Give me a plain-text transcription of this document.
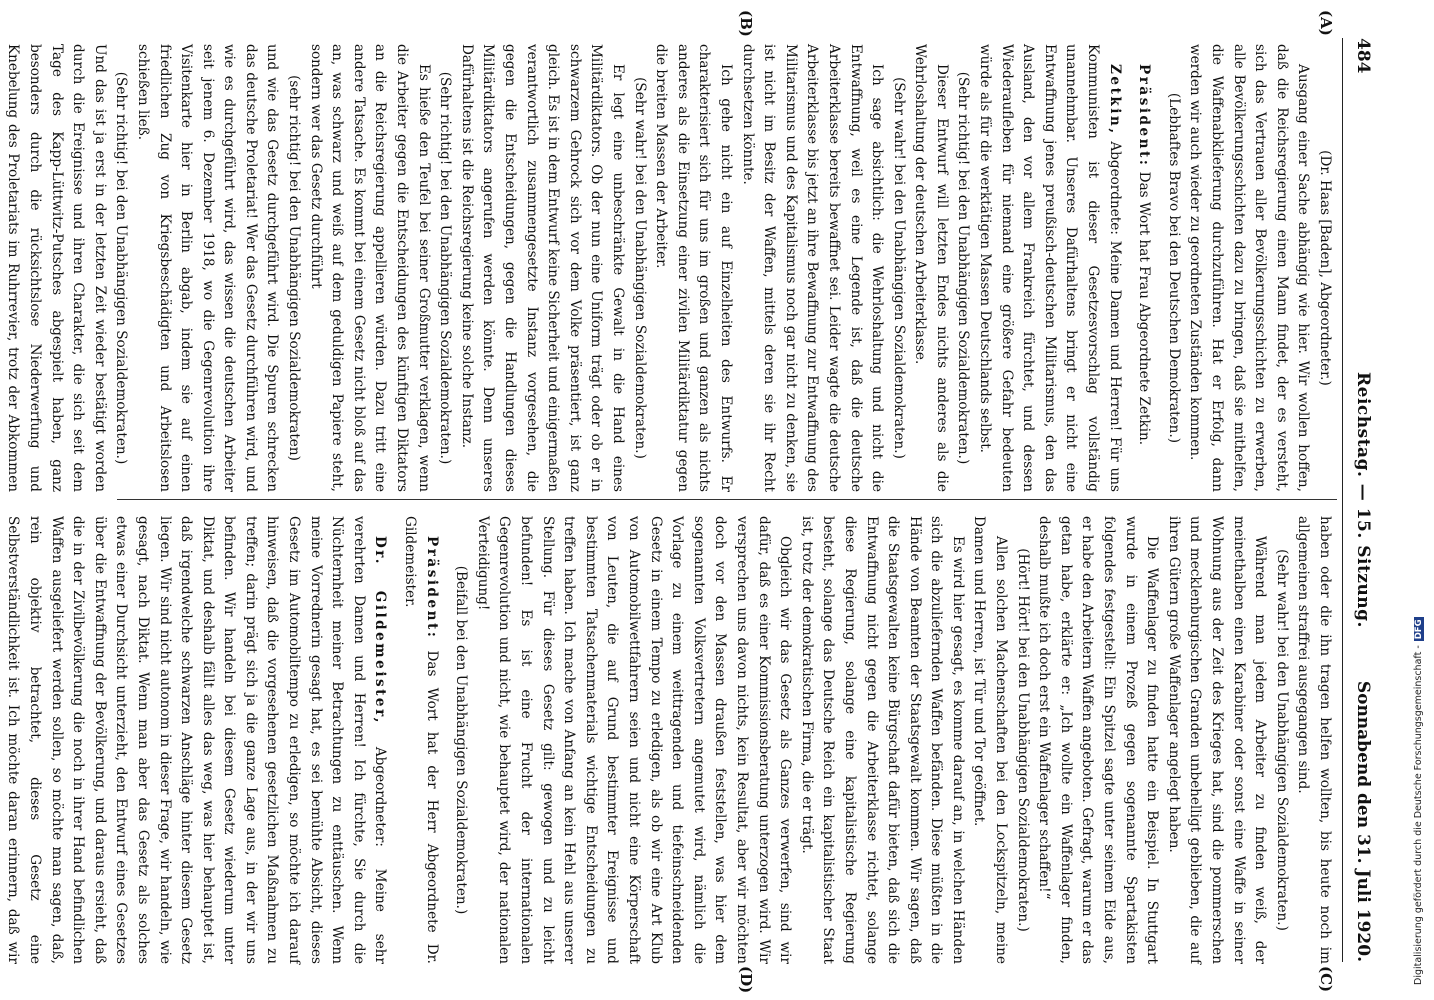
484
Reichstag. — 15. Sitzung.
Sonnabend den 31. Juli 1920.
(A)
(B)
(C)
(D)

(Dr. Haas [Baden], Abgeordneter.)

Ausgang einer Sache abhängig wie hier. Wir wollen hoffen, daß die Reichsregierung einen Mann findet, der es versteht, sich das Vertrauen aller Bevölkerungsschichten zu erwerben, alle Bevölkerungsschichten dazu zu bringen, daß sie mithelfen, die Waffenabklieferung durchzuführen. Hat er Erfolg, dann werden wir auch wieder zu geordneten Zuständen kommen.

(Lebhaftes Bravo bei den Deutschen Demokraten.)

Präsident: Das Wort hat Frau Abgeordnete Zetkin.

Zetkin, Abgeordnete: Meine Damen und Herren! Für uns Kommunisten ist dieser Gesetzesvorschlag vollständig unannehmbar. Unseres Dafürhaltens bringt er nicht eine Entwaffnung jenes preußisch-deutschen Militarismus, den das Ausland, den vor allem Frankreich fürchtet, und dessen Wiederaufleben für niemand eine größere Gefahr bedeuten würde als für die werktätigen Massen Deutschlands selbst.

(Sehr richtig! bei den Unabhängigen Sozialdemokraten.)

Dieser Entwurf will letzten Endes nichts anderes als die Wehrloshaltung der deutschen Arbeiterklasse.

(Sehr wahr! bei den Unabhängigen Sozialdemokraten.)

Ich sage absichtlich: die Wehrloshaltung und nicht die Entwaffnung, weil es eine Legende ist, daß die deutsche Arbeiterklasse bereits bewaffnet sei. Leider wagte die deutsche Arbeiterklasse bis jetzt an ihre Bewaffnung zur Entwaffnung des Militarismus und des Kapitalismus noch gar nicht zu denken, sie ist nicht im Besitz der Waffen, mittels deren sie ihr Recht durchsetzen könnte.

Ich gehe nicht ein auf Einzelheiten des Entwurfs. Er charakterisiert sich für uns im großen und ganzen als nichts anderes als die Einsetzung einer zivilen Militärdiktatur gegen die breiten Massen der Arbeiter.

(Sehr wahr! bei den Unabhängigen Sozialdemokraten.)

Er legt eine unbeschränkte Gewalt in die Hand eines Militärdiktators. Ob der nun eine Uniform trägt oder ob er in schwarzem Gehrock sich vor dem Volke präsentiert, ist ganz gleich. Es ist in dem Entwurf keine Sicherheit und einigermaßen verantwortlich zusammengesetzte Instanz vorgesehen, die gegen die Entscheidungen, gegen die Handlungen dieses Militärdiktators angerufen werden könnte. Denn unseres Dafürhaltens ist die Reichsregierung keine solche Instanz.

(Sehr richtig! bei den Unabhängigen Sozialdemokraten.)

Es hieße den Teufel bei seiner Großmutter verklagen, wenn die Arbeiter gegen die Entscheidungen des künftigen Diktators an die Reichsregierung appellieren würden. Dazu tritt eine andere Tatsache. Es kommt bei einem Gesetz nicht bloß auf das an, was schwarz und weiß auf dem geduldigen Papiere steht, sondern wer das Gesetz durchführt

(sehr richtig! bei den Unabhängigen Sozialdemokraten)

und wie das Gesetz durchgeführt wird. Die Spuren schrecken das deutsche Proletariat! Wer das Gesetz durchführen wird, und wie es durchgeführt wird, das wissen die deutschen Arbeiter seit jenem 6. Dezember 1918, wo die Gegenrevolution ihre Visitenkarte hier in Berlin abgab, indem sie auf einen friedlichen Zug von Kriegsbeschädigten und Arbeitslosen schießen ließ.

(Sehr richtig! bei den Unabhängigen Sozialdemokraten.)

Und das ist ja erst in der letzten Zeit wieder bestätigt worden durch die Ereignisse und ihren Charakter, die sich seit dem Tage des Kapp-Lüttwitz-Putsches abgespielt haben, ganz besonders durch die rücksichtslose Niederwerfung und Knebelung des Proletariats im Ruhrrevier, trotz der Abkommen

haben oder die ihn tragen helfen wollten, bis heute noch im allgemeinen straffrei ausgegangen sind.

(Sehr wahr! bei den Unabhängigen Sozialdemokraten.)

Während man jedem Arbeiter zu finden weiß, der meinethalben einen Karabiner oder sonst eine Waffe in seiner Wohnung aus der Zeit des Krieges hat, sind die pommerschen und mecklenburgischen Granden unbehelligt geblieben, die auf ihren Gütern große Waffenlager angelegt haben.

Die Waffenlager zu finden hatte ein Beispiel. In Stuttgart wurde in einem Prozeß gegen sogenannte Spartakisten folgendes festgestellt: Ein Spitzel sagte unter seinem Eide aus, er habe den Arbeitern Waffen angeboten. Gefragt, warum er das getan habe, erklärte er: „Ich wollte ein Waffenlager finden, deshalb mußte ich doch erst ein Waffenlager schaffen!“

(Hört! Hört! bei den Unabhängigen Sozialdemokraten.)

Allen solchen Machenschaften bei den Lockspitzeln, meine Damen und Herren, ist Tür und Tor geöffnet.

Es wird hier gesagt, es komme darauf an, in welchen Händen sich die abzuliefernden Waffen befänden. Diese müßten in die Hände von Beamten der Staatsgewalt kommen. Wir sagen, daß die Staatsgewalten keine Bürgschaft dafür bieten, daß sich die Entwaffnung nicht gegen die Arbeiterklasse richtet, solange diese Regierung, solange eine kapitalistische Regierung besteht, solange das Deutsche Reich ein kapitalistischer Staat ist, trotz der demokratischen Firma, die er trägt.

Obgleich wir das Gesetz als Ganzes verwerfen, sind wir dafür, daß es einer Kommissionsberatung unterzogen wird. Wir versprechen uns davon nichts, kein Resultat, aber wir möchten doch vor den Massen draußen feststellen, was hier dem sogenannten Volksvertretern angemutet wird, nämlich die Vorlage zu einem weittragenden und tiefeinschneidenden Gesetz in einem Tempo zu erledigen, als ob wir eine Art Klub von Automobilwettfahrern seien und nicht eine Körperschaft von Leuten, die auf Grund bestimmter Ereignisse und bestimmten Tatsachenmaterials wichtige Entscheidungen zu treffen haben. Ich mache von Anfang an kein Hehl aus unserer Stellung. Für dieses Gesetz gilt: gewogen und zu leicht befunden! Es ist eine Frucht der internationalen Gegenrevolution und nicht, wie behauptet wird, der nationalen Verteidigung!

(Beifall bei den Unabhängigen Sozialdemokraten.)

Präsident: Das Wort hat der Herr Abgeordnete Dr. Gildemeister.

Dr. Gildemeister, Abgeordneter: Meine sehr verehrten Damen und Herren! Ich fürchte, Sie durch die Nüchternheit meiner Betrachtungen zu enttäuschen. Wenn meine Vorrednerin gesagt hat, es sei bemühte Absicht, dieses Gesetz im Automobiltempo zu erledigen, so möchte ich darauf hinweisen, daß die vorgesehenen gesetzlichen Maßnahmen zu treffen; darin prägt sich ja die ganze Lage aus, in der wir uns befinden. Wir handeln bei diesem Gesetz wiederum unter Diktat, und deshalb fällt alles das weg, was hier behauptet ist, daß irgendwelche schwarzen Anschläge hinter diesem Gesetz liegen. Wir sind nicht autonom in dieser Frage, wir handeln, wie gesagt, nach Diktat. Wenn man aber das Gesetz als solches etwas einer Durchsicht unterzieht, den Entwurf eines Gesetzes über die Entwaffnung der Bevölkerung, und daraus ersieht, daß die in der Zivilbevölkerung die noch in ihrer Hand befindlichen Waffen ausgeliefert werden sollen, so möchte man sagen, daß, rein objektiv betrachtet, dieses Gesetz eine Selbstverständlichkeit ist. Ich möchte daran erinnern, daß wir	Digitalisierung gefördert durch die Deutsche Forschungsgemeinschaft -DFG
